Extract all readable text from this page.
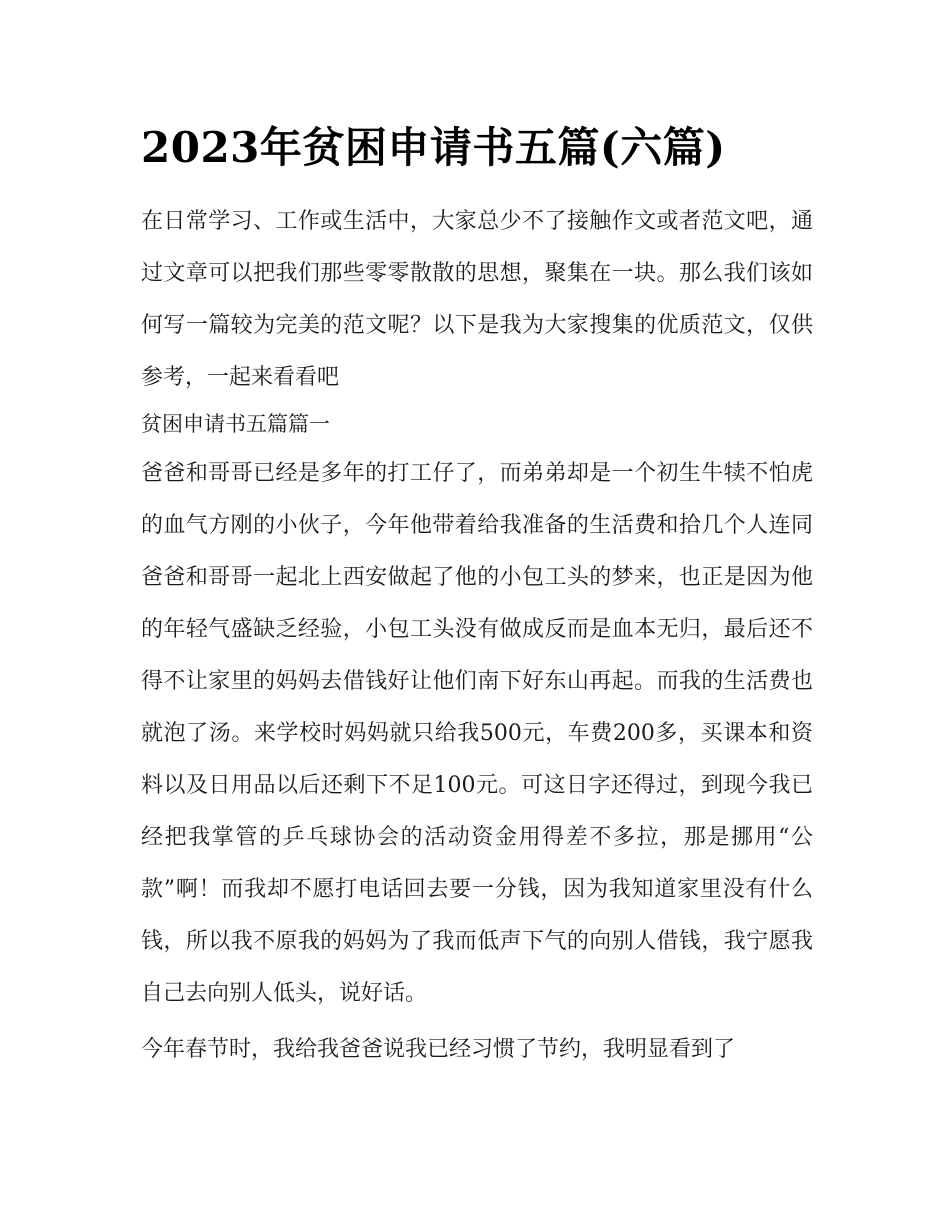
2023年贫困申请书五篇(六篇)

在日常学习、工作或生活中，大家总少不了接触作文或者范文吧，通过文章可以把我们那些零零散散的思想，聚集在一块。那么我们该如何写一篇较为完美的范文呢？以下是我为大家搜集的优质范文，仅供参考，一起来看看吧

贫困申请书五篇篇一

爸爸和哥哥已经是多年的打工仔了，而弟弟却是一个初生牛犊不怕虎的血气方刚的小伙子，今年他带着给我准备的生活费和拾几个人连同爸爸和哥哥一起北上西安做起了他的小包工头的梦来，也正是因为他的年轻气盛缺乏经验，小包工头没有做成反而是血本无归，最后还不得不让家里的妈妈去借钱好让他们南下好东山再起。而我的生活费也就泡了汤。来学校时妈妈就只给我500元，车费200多，买课本和资料以及日用品以后还剩下不足100元。可这日字还得过，到现今我已经把我掌管的乒乓球协会的活动资金用得差不多拉，那是挪用“公款”啊！而我却不愿打电话回去要一分钱，因为我知道家里没有什么钱，所以我不原我的妈妈为了我而低声下气的向别人借钱，我宁愿我自己去向别人低头，说好话。

今年春节时，我给我爸爸说我已经习惯了节约，我明显看到了
